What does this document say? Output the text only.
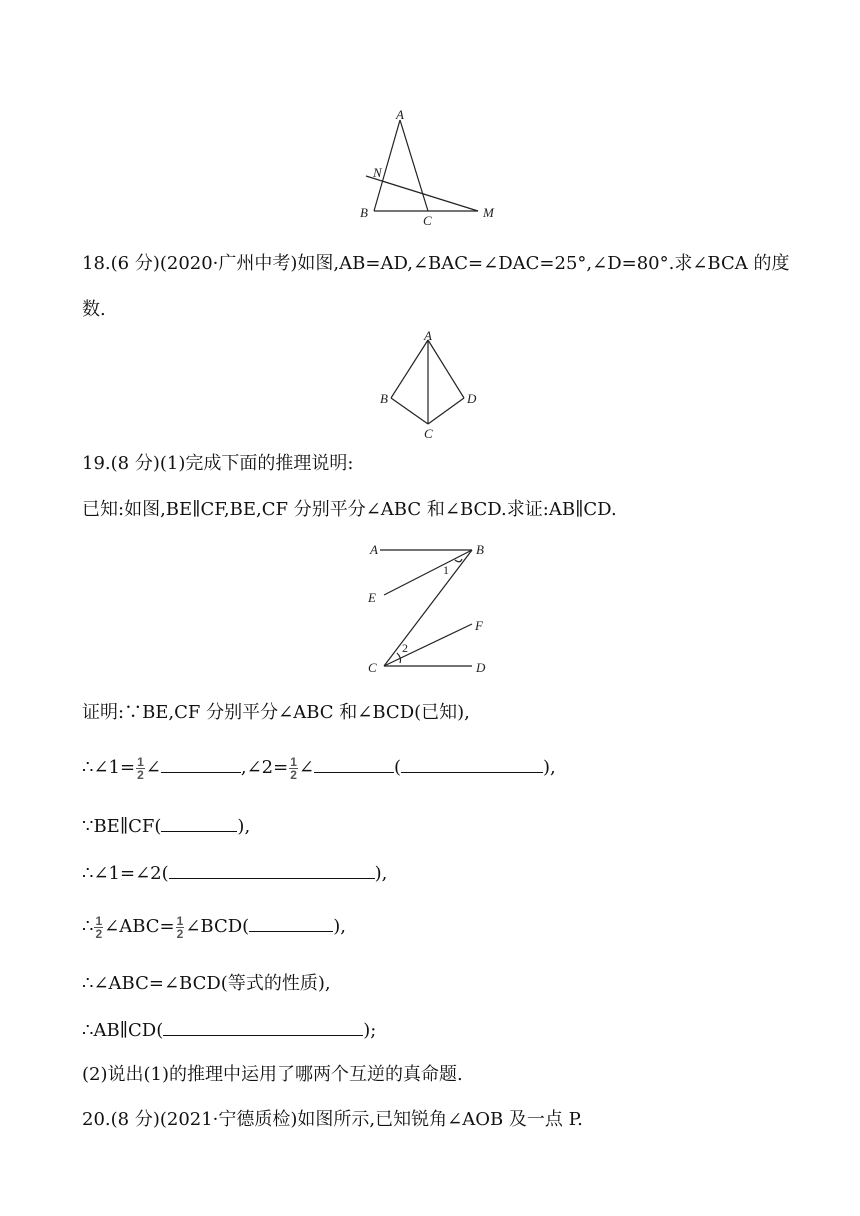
A
N
B
C
M
18.(6 分)(2020·广州中考)如图,AB=AD,∠BAC=∠DAC=25°,∠D=80°.求∠BCA 的度
数.
A
B
C
D
19.(8 分)(1)完成下面的推理说明:
已知:如图,BE∥CF,BE,CF 分别平分∠ABC 和∠BCD.求证:AB∥CD.
A	B
E
F
C	D
1
2
证明:∵BE,CF 分别平分∠ABC 和∠BCD(已知),
∴∠1= $\frac{1}{2}$ ∠	,∠2= $\frac{1}{2}$ ∠	(	),
∵BE∥CF(	),
∴∠1=∠2(	),
∴ $\frac{1}{2}$ ∠ABC= $\frac{1}{2}$ ∠BCD(	),
∴∠ABC=∠BCD(等式的性质),
∴AB∥CD(	);
(2)说出(1)的推理中运用了哪两个互逆的真命题.
20.(8 分)(2021·宁德质检)如图所示,已知锐角∠AOB 及一点 P.
